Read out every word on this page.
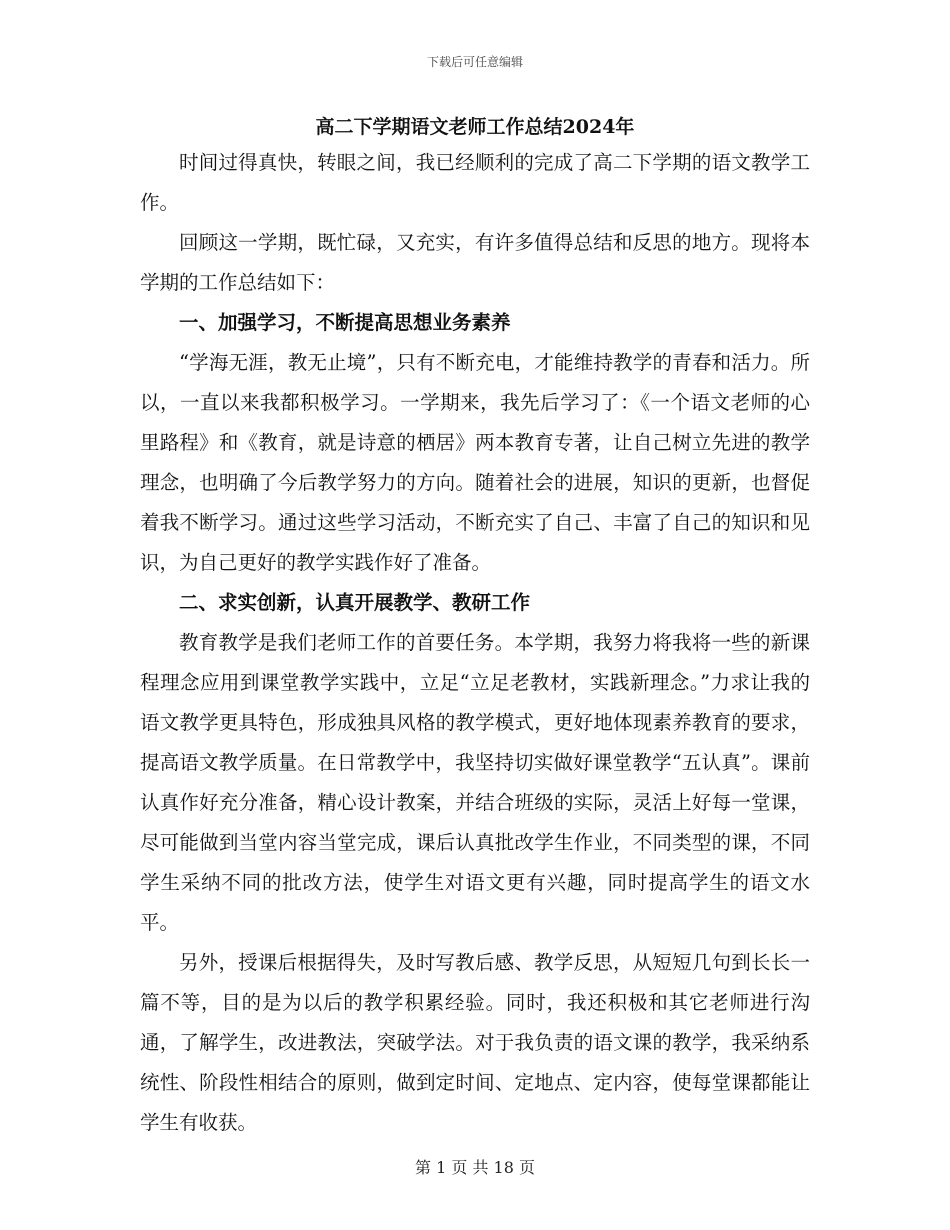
下载后可任意编辑
高二下学期语文老师工作总结2024年

时间过得真快，转眼之间，我已经顺利的完成了高二下学期的语文教学工作。

回顾这一学期，既忙碌，又充实，有许多值得总结和反思的地方。现将本学期的工作总结如下：

一、加强学习，不断提高思想业务素养

“学海无涯，教无止境”，只有不断充电，才能维持教学的青春和活力。所以，一直以来我都积极学习。一学期来，我先后学习了：《一个语文老师的心里路程》和《教育，就是诗意的栖居》两本教育专著，让自己树立先进的教学理念，也明确了今后教学努力的方向。随着社会的进展，知识的更新，也督促着我不断学习。通过这些学习活动，不断充实了自己、丰富了自己的知识和见识，为自己更好的教学实践作好了准备。

二、求实创新，认真开展教学、教研工作

教育教学是我们老师工作的首要任务。本学期，我努力将我将一些的新课程理念应用到课堂教学实践中，立足“立足老教材，实践新理念。”力求让我的语文教学更具特色，形成独具风格的教学模式，更好地体现素养教育的要求，提高语文教学质量。在日常教学中，我坚持切实做好课堂教学“五认真”。课前认真作好充分准备，精心设计教案，并结合班级的实际，灵活上好每一堂课，尽可能做到当堂内容当堂完成，课后认真批改学生作业，不同类型的课，不同学生采纳不同的批改方法，使学生对语文更有兴趣，同时提高学生的语文水平。

另外，授课后根据得失，及时写教后感、教学反思，从短短几句到长长一篇不等，目的是为以后的教学积累经验。同时，我还积极和其它老师进行沟通，了解学生，改进教法，突破学法。对于我负责的语文课的教学，我采纳系统性、阶段性相结合的原则，做到定时间、定地点、定内容，使每堂课都能让学生有收获。

第 1 页 共 18 页
